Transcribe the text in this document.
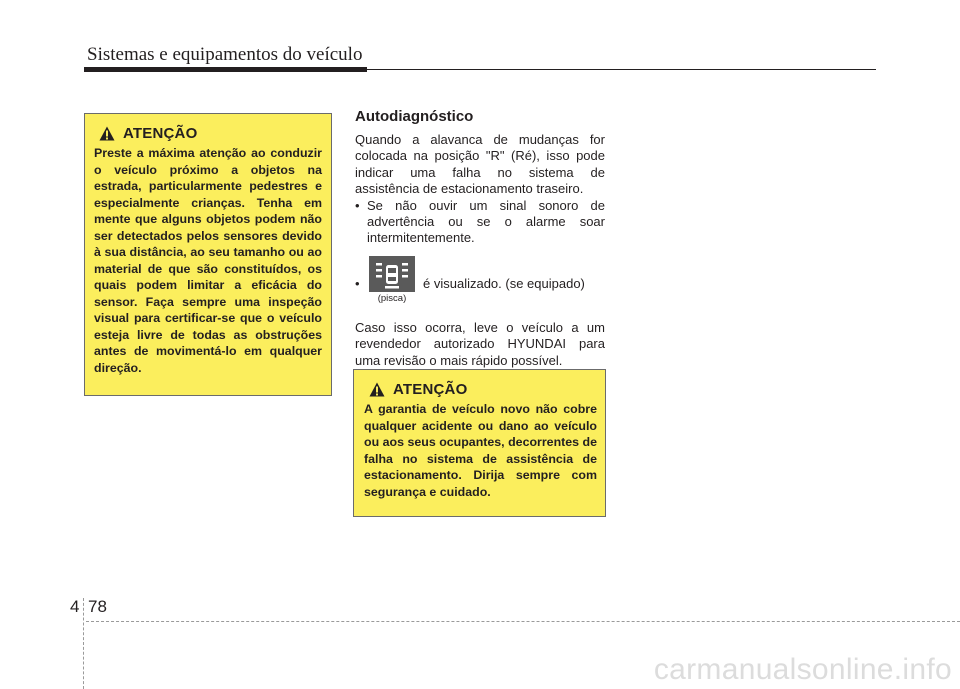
Sistemas e equipamentos do veículo
ATENÇÃO

Preste a máxima atenção ao conduzir o veículo próximo a objetos na estrada, particularmente pedestres e especialmente crianças. Tenha em mente que alguns objetos podem não ser detectados pelos sensores devido à sua distância, ao seu tamanho ou ao material de que são constituídos, os quais podem limitar a eficácia do sensor. Faça sempre uma inspeção visual para certificar-se que o veículo esteja livre de todas as obstruções antes de movimentá-lo em qualquer direção.

Autodiagnóstico

Quando a alavanca de mudanças for colocada na posição "R" (Ré), isso pode indicar uma falha no sistema de assistência de estacionamento traseiro.

• Se não ouvir um sinal sonoro de advertência ou se o alarme soar intermitentemente.
•
(pisca)
é visualizado. (se equipado)

Caso isso ocorra, leve o veículo a um revendedor autorizado HYUNDAI para uma revisão o mais rápido possível.

ATENÇÃO

A garantia de veículo novo não cobre qualquer acidente ou dano ao veículo ou aos seus ocupantes, decorrentes de falha no sistema de assistência de estacionamento. Dirija sempre com segurança e cuidado.

4 78
carmanualsonline.info
